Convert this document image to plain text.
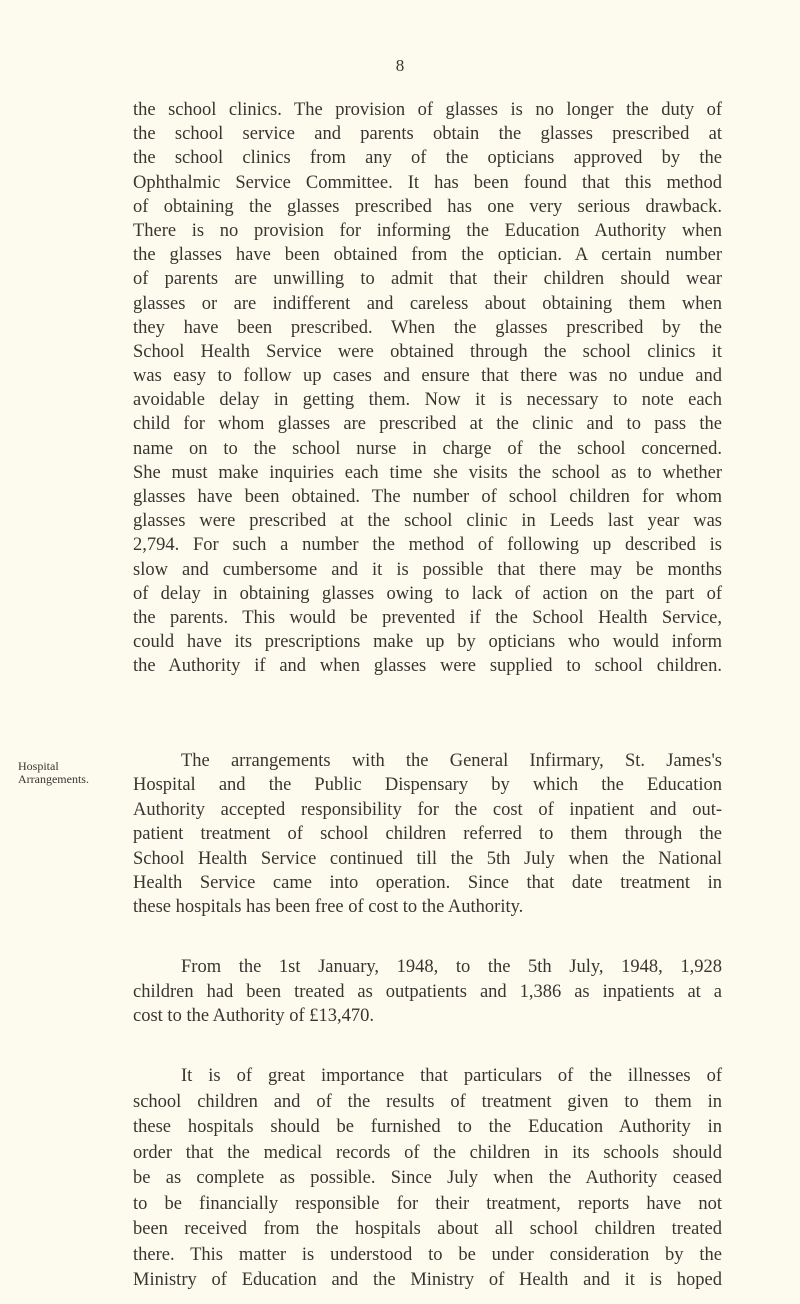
8
Hospital
Arrangements.
the school clinics. The provision of glasses is no longer the duty of
the school service and parents obtain the glasses prescribed at
the school clinics from any of the opticians approved by the
Ophthalmic Service Committee. It has been found that this method
of obtaining the glasses prescribed has one very serious drawback.
There is no provision for informing the Education Authority when
the glasses have been obtained from the optician. A certain number
of parents are unwilling to admit that their children should wear
glasses or are indifferent and careless about obtaining them when
they have been prescribed. When the glasses prescribed by the
School Health Service were obtained through the school clinics it
was easy to follow up cases and ensure that there was no undue and
avoidable delay in getting them. Now it is necessary to note each
child for whom glasses are prescribed at the clinic and to pass the
name on to the school nurse in charge of the school concerned.
She must make inquiries each time she visits the school as to whether
glasses have been obtained. The number of school children for whom
glasses were prescribed at the school clinic in Leeds last year was
2,794. For such a number the method of following up described is
slow and cumbersome and it is possible that there may be months
of delay in obtaining glasses owing to lack of action on the part of
the parents. This would be prevented if the School Health Service,
could have its prescriptions make up by opticians who would inform
the Authority if and when glasses were supplied to school children.
The arrangements with the General Infirmary, St. James's
Hospital and the Public Dispensary by which the Education
Authority accepted responsibility for the cost of inpatient and out-
patient treatment of school children referred to them through the
School Health Service continued till the 5th July when the National
Health Service came into operation. Since that date treatment in
these hospitals has been free of cost to the Authority.
From the 1st January, 1948, to the 5th July, 1948, 1,928
children had been treated as outpatients and 1,386 as inpatients at a
cost to the Authority of £13,470.
It is of great importance that particulars of the illnesses of
school children and of the results of treatment given to them in
these hospitals should be furnished to the Education Authority in
order that the medical records of the children in its schools should
be as complete as possible. Since July when the Authority ceased
to be financially responsible for their treatment, reports have not
been received from the hospitals about all school children treated
there. This matter is understood to be under consideration by the
Ministry of Education and the Ministry of Health and it is hoped
